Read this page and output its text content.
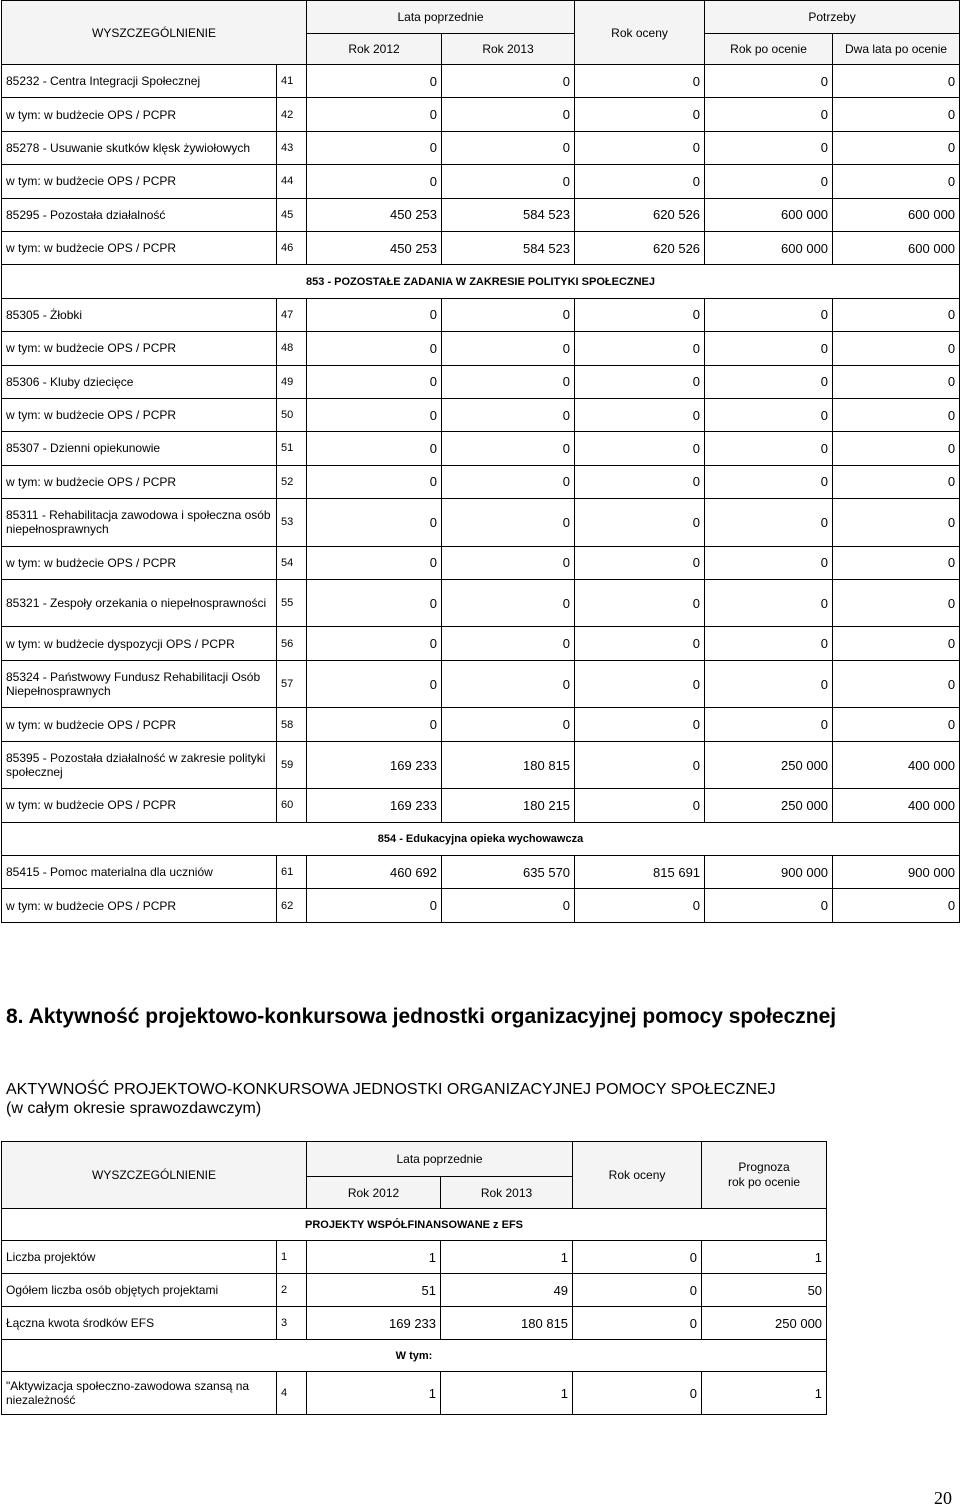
WYSZCZEGÓLNIENIE		Lata poprzednie		Rok oceny	Potrzeby	
		Rok 2012	Rok 2013		Rok po ocenie	Dwa lata po ocenie
85232 - Centra Integracji Społecznej	41	0	0	0	0	0
w tym: w budżecie OPS / PCPR	42	0	0	0	0	0
85278 - Usuwanie skutków klęsk żywiołowych	43	0	0	0	0	0
w tym: w budżecie OPS / PCPR	44	0	0	0	0	0
85295 - Pozostała działalność	45	450 253	584 523	620 526	600 000	600 000
w tym: w budżecie OPS / PCPR	46	450 253	584 523	620 526	600 000	600 000
853 - POZOSTAŁE ZADANIA W ZAKRESIE POLITYKI SPOŁECZNEJ						
85305 - Żłobki	47	0	0	0	0	0
w tym: w budżecie OPS / PCPR	48	0	0	0	0	0
85306 - Kluby dziecięce	49	0	0	0	0	0
w tym: w budżecie OPS / PCPR	50	0	0	0	0	0
85307 - Dzienni opiekunowie	51	0	0	0	0	0
w tym: w budżecie OPS / PCPR	52	0	0	0	0	0
85311 - Rehabilitacja zawodowa i społeczna osób niepełnosprawnych	53	0	0	0	0	0
w tym: w budżecie OPS / PCPR	54	0	0	0	0	0
85321 - Zespoły orzekania o niepełnosprawności	55	0	0	0	0	0
w tym: w budżecie dyspozycji OPS / PCPR	56	0	0	0	0	0
85324 - Państwowy Fundusz Rehabilitacji Osób Niepełnosprawnych	57	0	0	0	0	0
w tym: w budżecie OPS / PCPR	58	0	0	0	0	0
85395 - Pozostała działalność w zakresie polityki społecznej	59	169 233	180 815	0	250 000	400 000
w tym: w budżecie OPS / PCPR	60	169 233	180 215	0	250 000	400 000
854 - Edukacyjna opieka wychowawcza						
85415 - Pomoc materialna dla uczniów	61	460 692	635 570	815 691	900 000	900 000
w tym: w budżecie OPS / PCPR	62	0	0	0	0	0
8. Aktywność projektowo-konkursowa jednostki organizacyjnej pomocy społecznej
AKTYWNOŚĆ PROJEKTOWO-KONKURSOWA JEDNOSTKI ORGANIZACYJNEJ POMOCY SPOŁECZNEJ
(w całym okresie sprawozdawczym)
WYSZCZEGÓLNIENIE		Lata poprzednie		Rok oceny	Prognoza
rok po ocenie

		Rok 2012	Rok 2013		
PROJEKTY WSPÓŁFINANSOWANE z EFS					
Liczba projektów	1	1	1	0	1
Ogółem liczba osób objętych projektami	2	51	49	0	50
Łączna kwota środków EFS	3	169 233	180 815	0	250 000
W tym:					
"Aktywizacja społeczno-zawodowa szansą na niezależność	4	1	1	0	1
20
